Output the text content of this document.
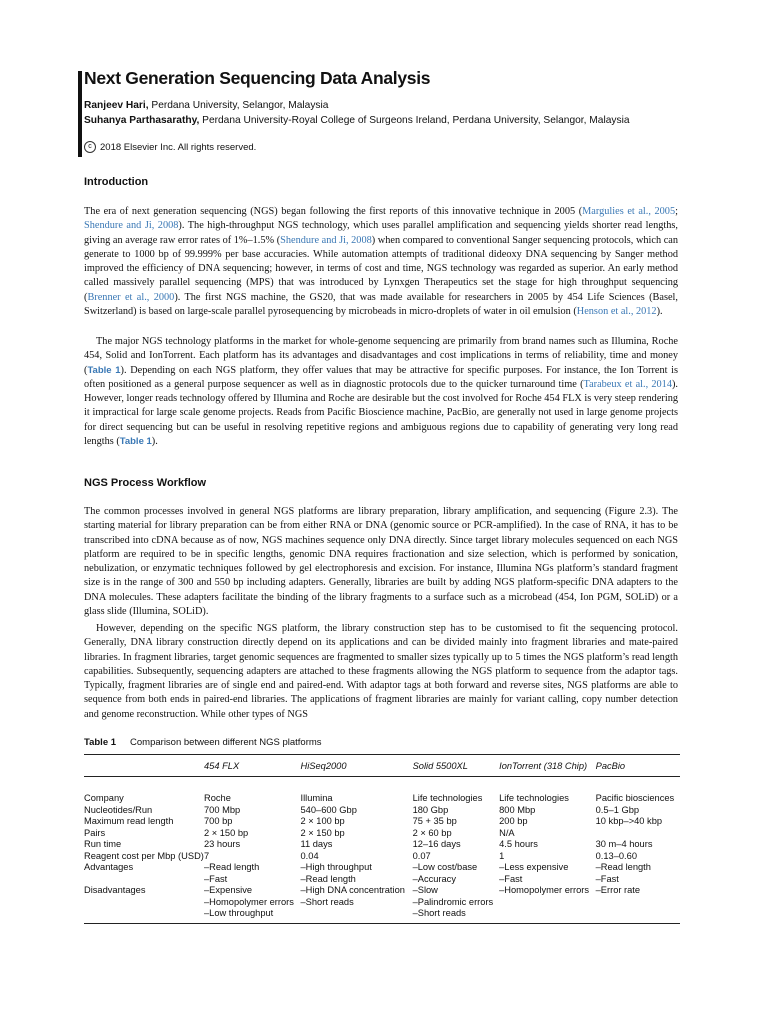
Next Generation Sequencing Data Analysis
Ranjeev Hari, Perdana University, Selangor, Malaysia
Suhanya Parthasarathy, Perdana University-Royal College of Surgeons Ireland, Perdana University, Selangor, Malaysia
c 2018 Elsevier Inc. All rights reserved.
Introduction

The era of next generation sequencing (NGS) began following the first reports of this innovative technique in 2005 (Margulies et al., 2005; Shendure and Ji, 2008). The high-throughput NGS technology, which uses parallel amplification and sequencing yields shorter read lengths, giving an average raw error rates of 1%–1.5% (Shendure and Ji, 2008) when compared to conventional Sanger sequencing protocols, which can generate to 1000 bp of 99.999% per base accuracies. While automation attempts of traditional dideoxy DNA sequencing by Sanger method improved the efficiency of DNA sequencing; however, in terms of cost and time, NGS technology was regarded as superior. An early method called massively parallel sequencing (MPS) that was introduced by Lynxgen Therapeutics set the stage for high throughput sequencing (Brenner et al., 2000). The first NGS machine, the GS20, that was made available for researchers in 2005 by 454 Life Sciences (Basel, Switzerland) is based on large-scale parallel pyrosequencing by microbeads in micro-droplets of water in oil emulsion (Henson et al., 2012).

The major NGS technology platforms in the market for whole-genome sequencing are primarily from brand names such as Illumina, Roche 454, Solid and IonTorrent. Each platform has its advantages and disadvantages and cost implications in terms of reliability, time and money (Table 1). Depending on each NGS platform, they offer values that may be attractive for specific purposes. For instance, the Ion Torrent is often positioned as a general purpose sequencer as well as in diagnostic protocols due to the quicker turnaround time (Tarabeux et al., 2014). However, longer reads technology offered by Illumina and Roche are desirable but the cost involved for Roche 454 FLX is very steep rendering it impractical for large scale genome projects. Reads from Pacific Bioscience machine, PacBio, are generally not used in large genome projects for direct sequencing but can be useful in resolving repetitive regions and ambiguous regions due to capability of generating very long read lengths (Table 1).

NGS Process Workflow

The common processes involved in general NGS platforms are library preparation, library amplification, and sequencing (Figure 2.3). The starting material for library preparation can be from either RNA or DNA (genomic source or PCR-amplified). In the case of RNA, it has to be transcribed into cDNA because as of now, NGS machines sequence only DNA directly. Since target library molecules sequenced on each NGS platform are required to be in specific lengths, genomic DNA requires fractionation and size selection, which is performed by sonication, nebulization, or enzymatic techniques followed by gel electrophoresis and excision. For instance, Illumina NGs platform’s standard fragment size is in the range of 300 and 550 bp including adapters. Generally, libraries are built by adding NGS platform-specific DNA adapters to the DNA molecules. These adapters facilitate the binding of the library fragments to a surface such as a microbead (454, Ion PGM, SOLiD) or a glass slide (Illumina, SOLiD).

However, depending on the specific NGS platform, the library construction step has to be customised to fit the sequencing protocol. Generally, DNA library construction directly depend on its applications and can be divided mainly into fragment libraries and mate-paired libraries. In fragment libraries, target genomic sequences are fragmented to smaller sizes typically up to 5 times the NGS platform’s read length capabilities. Subsequently, sequencing adapters are attached to these fragments allowing the NGS platform to sequence from the adaptor tags. Typically, fragment libraries are of single end and paired-end. With adaptor tags at both forward and reverse sites, NGS platforms are able to sequence from both ends in paired-end libraries. The applications of fragment libraries are mainly for variant calling, copy number detection and genome reconstruction. While other types of NGS

Table 1 Comparison between different NGS platforms
	454 FLX	HiSeq2000	Solid 5500XL	IonTorrent (318 Chip)	PacBio

Company	Roche	Illumina	Life technologies	Life technologies	Pacific biosciences
Nucleotides/Run	700 Mbp	540–600 Gbp	180 Gbp	800 Mbp	0.5–1 Gbp
Maximum read length	700 bp	2 × 100 bp	75 + 35 bp	200 bp	10 kbp–>40 kbp
Pairs	2 × 150 bp	2 × 150 bp	2 × 60 bp	N/A	
Run time	23 hours	11 days	12–16 days	4.5 hours	30 m–4 hours
Reagent cost per Mbp (USD)	7	0.04	0.07	1	0.13–0.60
Advantages	–Read length	–High throughput	–Low cost/base	–Less expensive	–Read length
	–Fast	–Read length	–Accuracy	–Fast	–Fast
Disadvantages	–Expensive	–High DNA concentration	–Slow	–Homopolymer errors	–Error rate
	–Homopolymer errors	–Short reads	–Palindromic errors		
	–Low throughput		–Short reads		
